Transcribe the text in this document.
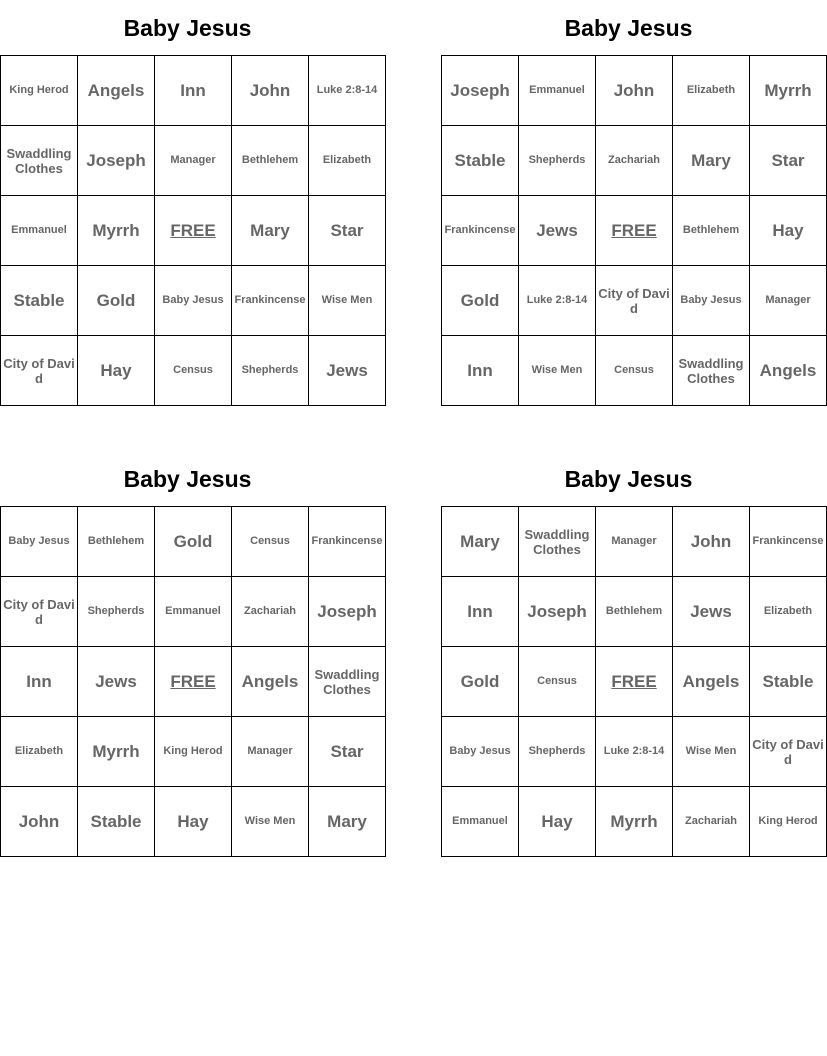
Baby Jesus
King Herod	Angels	Inn	John	Luke 2:8-14
Swaddling Clothes	Joseph	Manager	Bethlehem	Elizabeth
Emmanuel	Myrrh	FREE	Mary	Star
Stable	Gold	Baby Jesus	Frankincense	Wise Men
City of David	Hay	Census	Shepherds	Jews
Baby Jesus
Joseph	Emmanuel	John	Elizabeth	Myrrh
Stable	Shepherds	Zachariah	Mary	Star
Frankincense	Jews	FREE	Bethlehem	Hay
Gold	Luke 2:8-14	City of David	Baby Jesus	Manager
Inn	Wise Men	Census	Swaddling Clothes	Angels
Baby Jesus
Baby Jesus	Bethlehem	Gold	Census	Frankincense
City of David	Shepherds	Emmanuel	Zachariah	Joseph
Inn	Jews	FREE	Angels	Swaddling Clothes
Elizabeth	Myrrh	King Herod	Manager	Star
John	Stable	Hay	Wise Men	Mary
Baby Jesus
Mary	Swaddling Clothes	Manager	John	Frankincense
Inn	Joseph	Bethlehem	Jews	Elizabeth
Gold	Census	FREE	Angels	Stable
Baby Jesus	Shepherds	Luke 2:8-14	Wise Men	City of David
Emmanuel	Hay	Myrrh	Zachariah	King Herod
